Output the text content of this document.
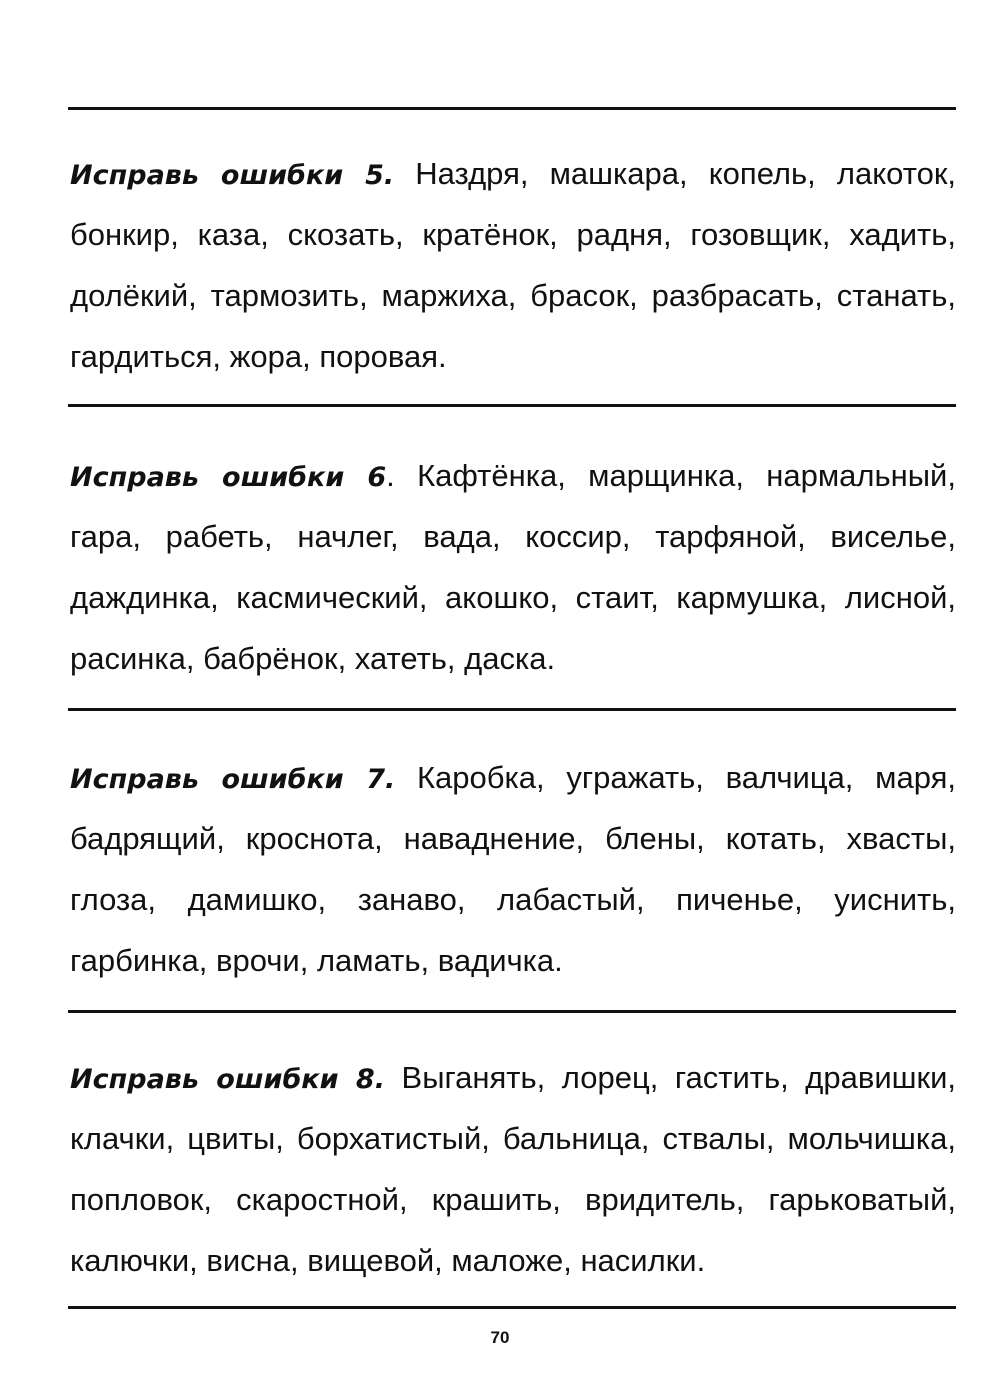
Исправь ошибки 5. Наздря, машкара, копель, лакоток,
бонкир, каза, скозать, кратёнок, радня, гозовщик, хадить,
долёкий, тармозить, маржиха, брасок, разбрасать, станать,
гардиться, жора, поровая.
Исправь ошибки 6. Кафтёнка, марщинка, нармальный,
гара, рабеть, начлег, вада, коссир, тарфяной, виселье,
даждинка, касмический, акошко, стаит, кармушка, лисной,
расинка, бабрёнок, хатеть, даска.
Исправь ошибки 7. Каробка, угражать, валчица, маря,
бадрящий, кроснота, наваднение, блены, котать, хвасты,
глоза, дамишко, занаво, лабастый, пиченье, уиснить,
гарбинка, врочи, ламать, вадичка.
Исправь ошибки 8. Выганять, лорец, гастить, дравишки,
клачки, цвиты, борхатистый, бальница, ствалы, мольчишка,
попловок, скаростной, крашить, вридитель, гарьковатый,
калючки, висна, вищевой, маложе, насилки.
70
